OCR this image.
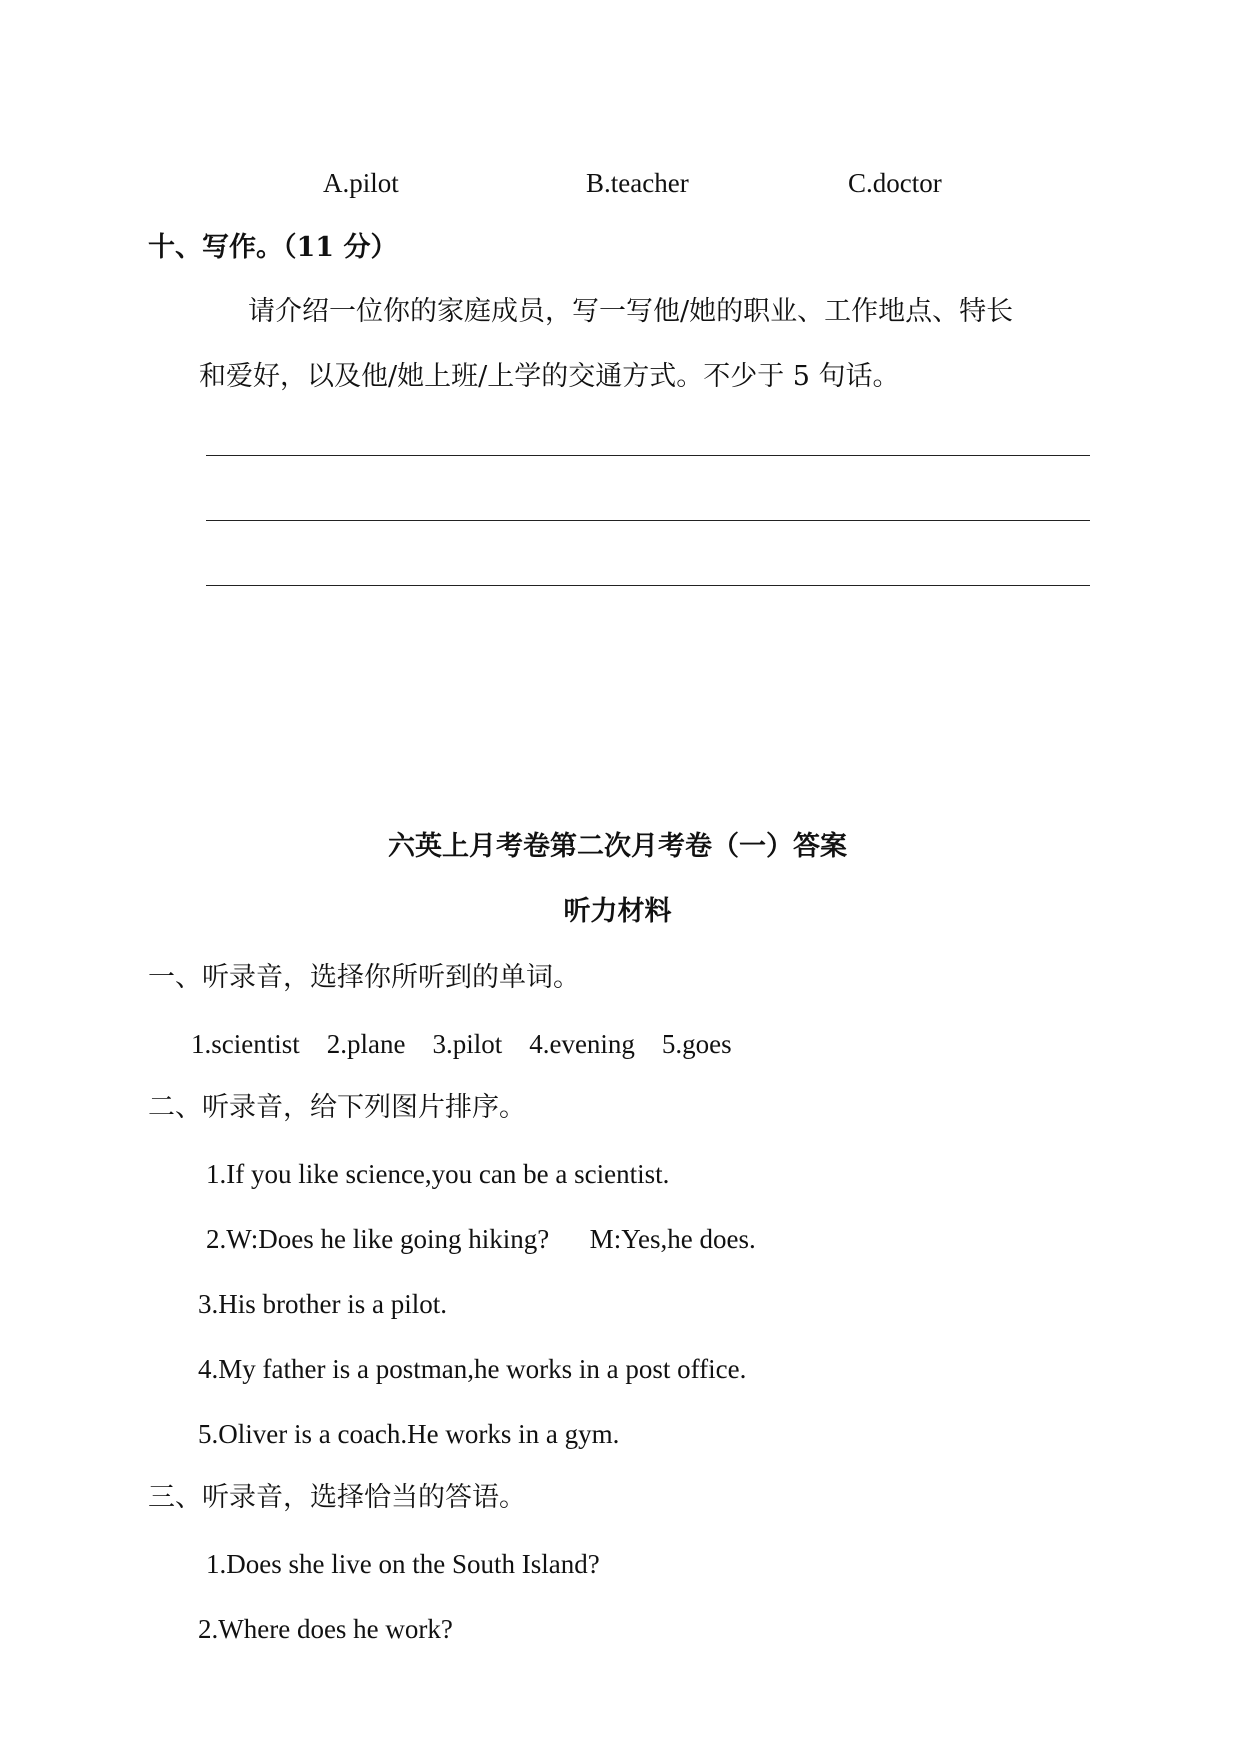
A.pilot	B.teacher	C.doctor
十、写作。（11 分）
请介绍一位你的家庭成员，写一写他/她的职业、工作地点、特长
和爱好，以及他/她上班/上学的交通方式。不少于 5 句话。
六英上月考卷第二次月考卷（一）答案
听力材料
一、听录音，选择你所听到的单词。
1.scientist    2.plane    3.pilot    4.evening    5.goes
二、听录音，给下列图片排序。
1.If you like science,you can be a scientist.
2.W:Does he like going hiking?      M:Yes,he does.
3.His brother is a pilot.
4.My father is a postman,he works in a post office.
5.Oliver is a coach.He works in a gym.
三、听录音，选择恰当的答语。
1.Does she live on the South Island?
2.Where does he work?
